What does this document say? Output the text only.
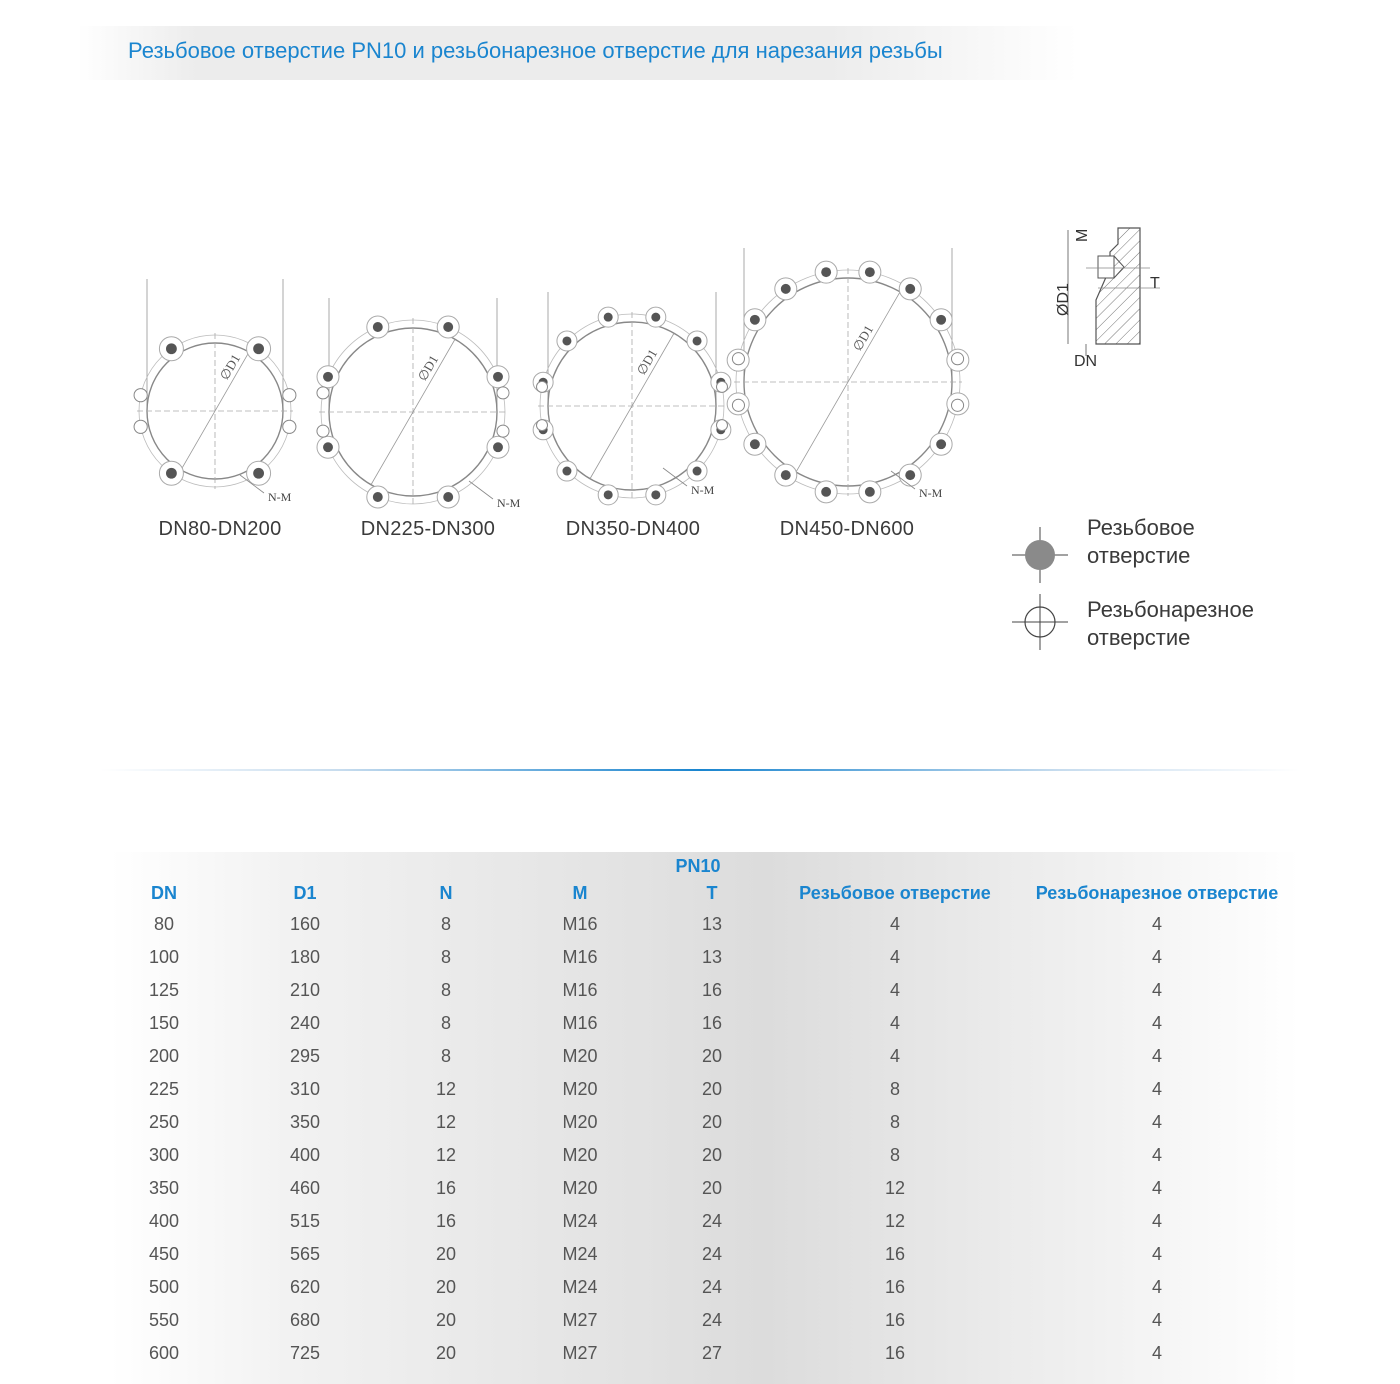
Резьбовое отверстие PN10 и резьбонарезное отверстие для нарезания резьбы
∅D1
N-M
∅D1
N-M
∅D1
N-M
∅D1
N-M
M
ØD1	T
DN
DN80-DN200	DN225-DN300	DN350-DN400	DN450-DN600	Резьбовое
отверстие
Резьбонарезное
отверстие
PN10
DN	D1	N	M	T	Резьбовое отверстие	Резьбонарезное отверстие
80	160	8	M16	13	4	4
100	180	8	M16	13	4	4
125	210	8	M16	16	4	4
150	240	8	M16	16	4	4
200	295	8	M20	20	4	4
225	310	12	M20	20	8	4
250	350	12	M20	20	8	4
300	400	12	M20	20	8	4
350	460	16	M20	20	12	4
400	515	16	M24	24	12	4
450	565	20	M24	24	16	4
500	620	20	M24	24	16	4
550	680	20	M27	24	16	4
600	725	20	M27	27	16	4
